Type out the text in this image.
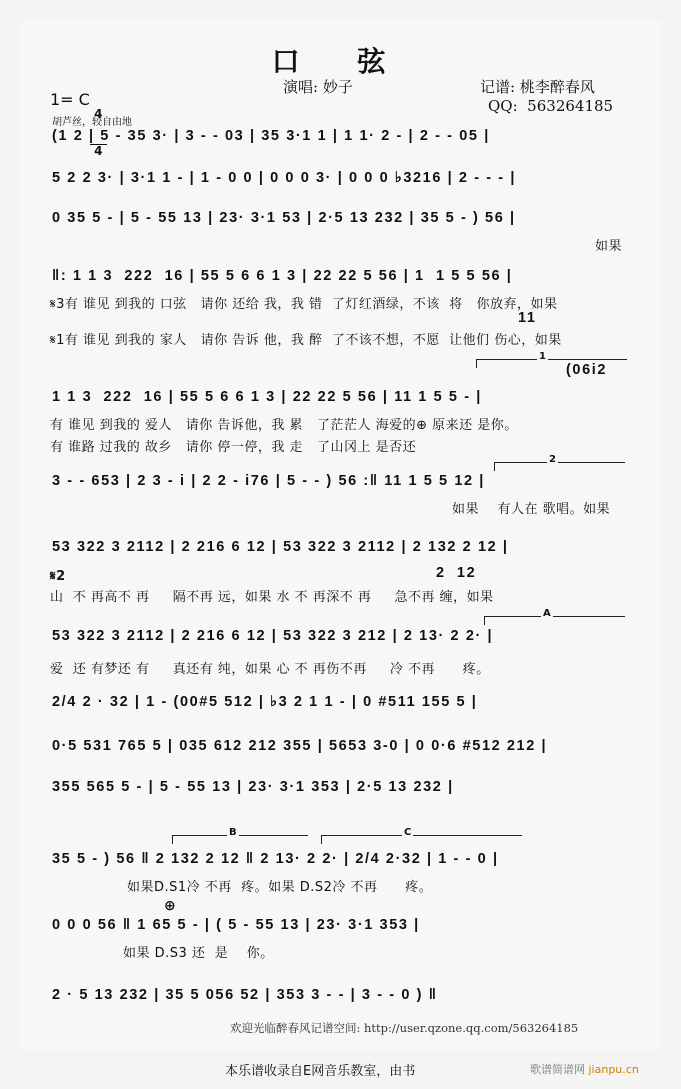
口 弦
演唱: 妙子	记谱: 桃李醉春风
QQ:  563264185
1= C

$\frac{4}{4}$

胡芦丝，较自由地
(1 2 | 5 - 35 3· | 3 - - 03 | 35 3·1 1 | 1 1· 2 - | 2 - - 05 |
5 2 2 3· | 3·1 1 - | 1 - 0 0 | 0 0 0 3· | 0 0 0 ♭3216 | 2 - - - |
0 35 5 - | 5 - 55 13 | 23· 3·1 53 | 2·5 13 232 | 35 5 - ) 56 |
如果
‖: 1 1 3  222  16 | 55 5 6 6 1 3 | 22 22 5 56 | 1  1 5 5 56 |
𝄋3有 谁见 到我的 口弦   请你 还给 我，我 错  了灯红酒绿，不该  将   你放弃，如果
11
𝄋1有 谁见 到我的 家人   请你 告诉 他，我 醉  了不该不想，不愿  让他们 伤心，如果
1
(06i2
1 1 3  222  16 | 55 5 6 6 1 3 | 22 22 5 56 | 11 1 5 5 - |
有 谁见 到我的 爱人   请你 告诉他，我 累   了茫茫人 海爱的⊕ 原来还 是你。
有 谁路 过我的 故乡   请你 停一停，我 走   了山冈上 是否还
2
3 - - 653 | 2 3 - i | 2 2 - i76 | 5 - - ) 56 :‖ 11 1 5 5 12 |
如果    有人在 歌唱。如果
53 322 3 2112 | 2 216 6 12 | 53 322 3 2112 | 2 132 2 12 |
𝄋2	2  12
山  不 再高不 再     隔不再 远，如果 水 不 再深不 再     急不再 缠，如果
A
53 322 3 2112 | 2 216 6 12 | 53 322 3 212 | 2 13· 2 2· |
爱  还 有梦还 有     真还有 纯，如果 心 不 再伤不再     冷 不再      疼。
2/4 2 · 32 | 1 - (00#5 512 | ♭3 2 1 1 - | 0 #511 155 5 |
0·5 531 765 5 | 035 612 212 355 | 5653 3-0 | 0 0·6 #512 212 |
355 565 5 - | 5 - 55 13 | 23· 3·1 353 | 2·5 13 232 |
B	C
35 5 - ) 56 ‖ 2 132 2 12 ‖ 2 13· 2 2· | 2/4 2·32 | 1 - - 0 |
如果D.S1冷 不再  疼。如果 D.S2冷 不再      疼。
⊕
0 0 0 56 ‖ 1 65 5 - | ( 5 - 55 13 | 23· 3·1 353 |
如果 D.S3 还  是    你。
2 · 5 13 232 | 35 5 056 52 | 353 3 - - | 3 - - 0 ) ‖
欢迎光临醉春风记谱空间: http://user.qzone.qq.com/563264185
本乐谱收录自E网音乐教室，由书	歌谱简谱网 jianpu.cn
